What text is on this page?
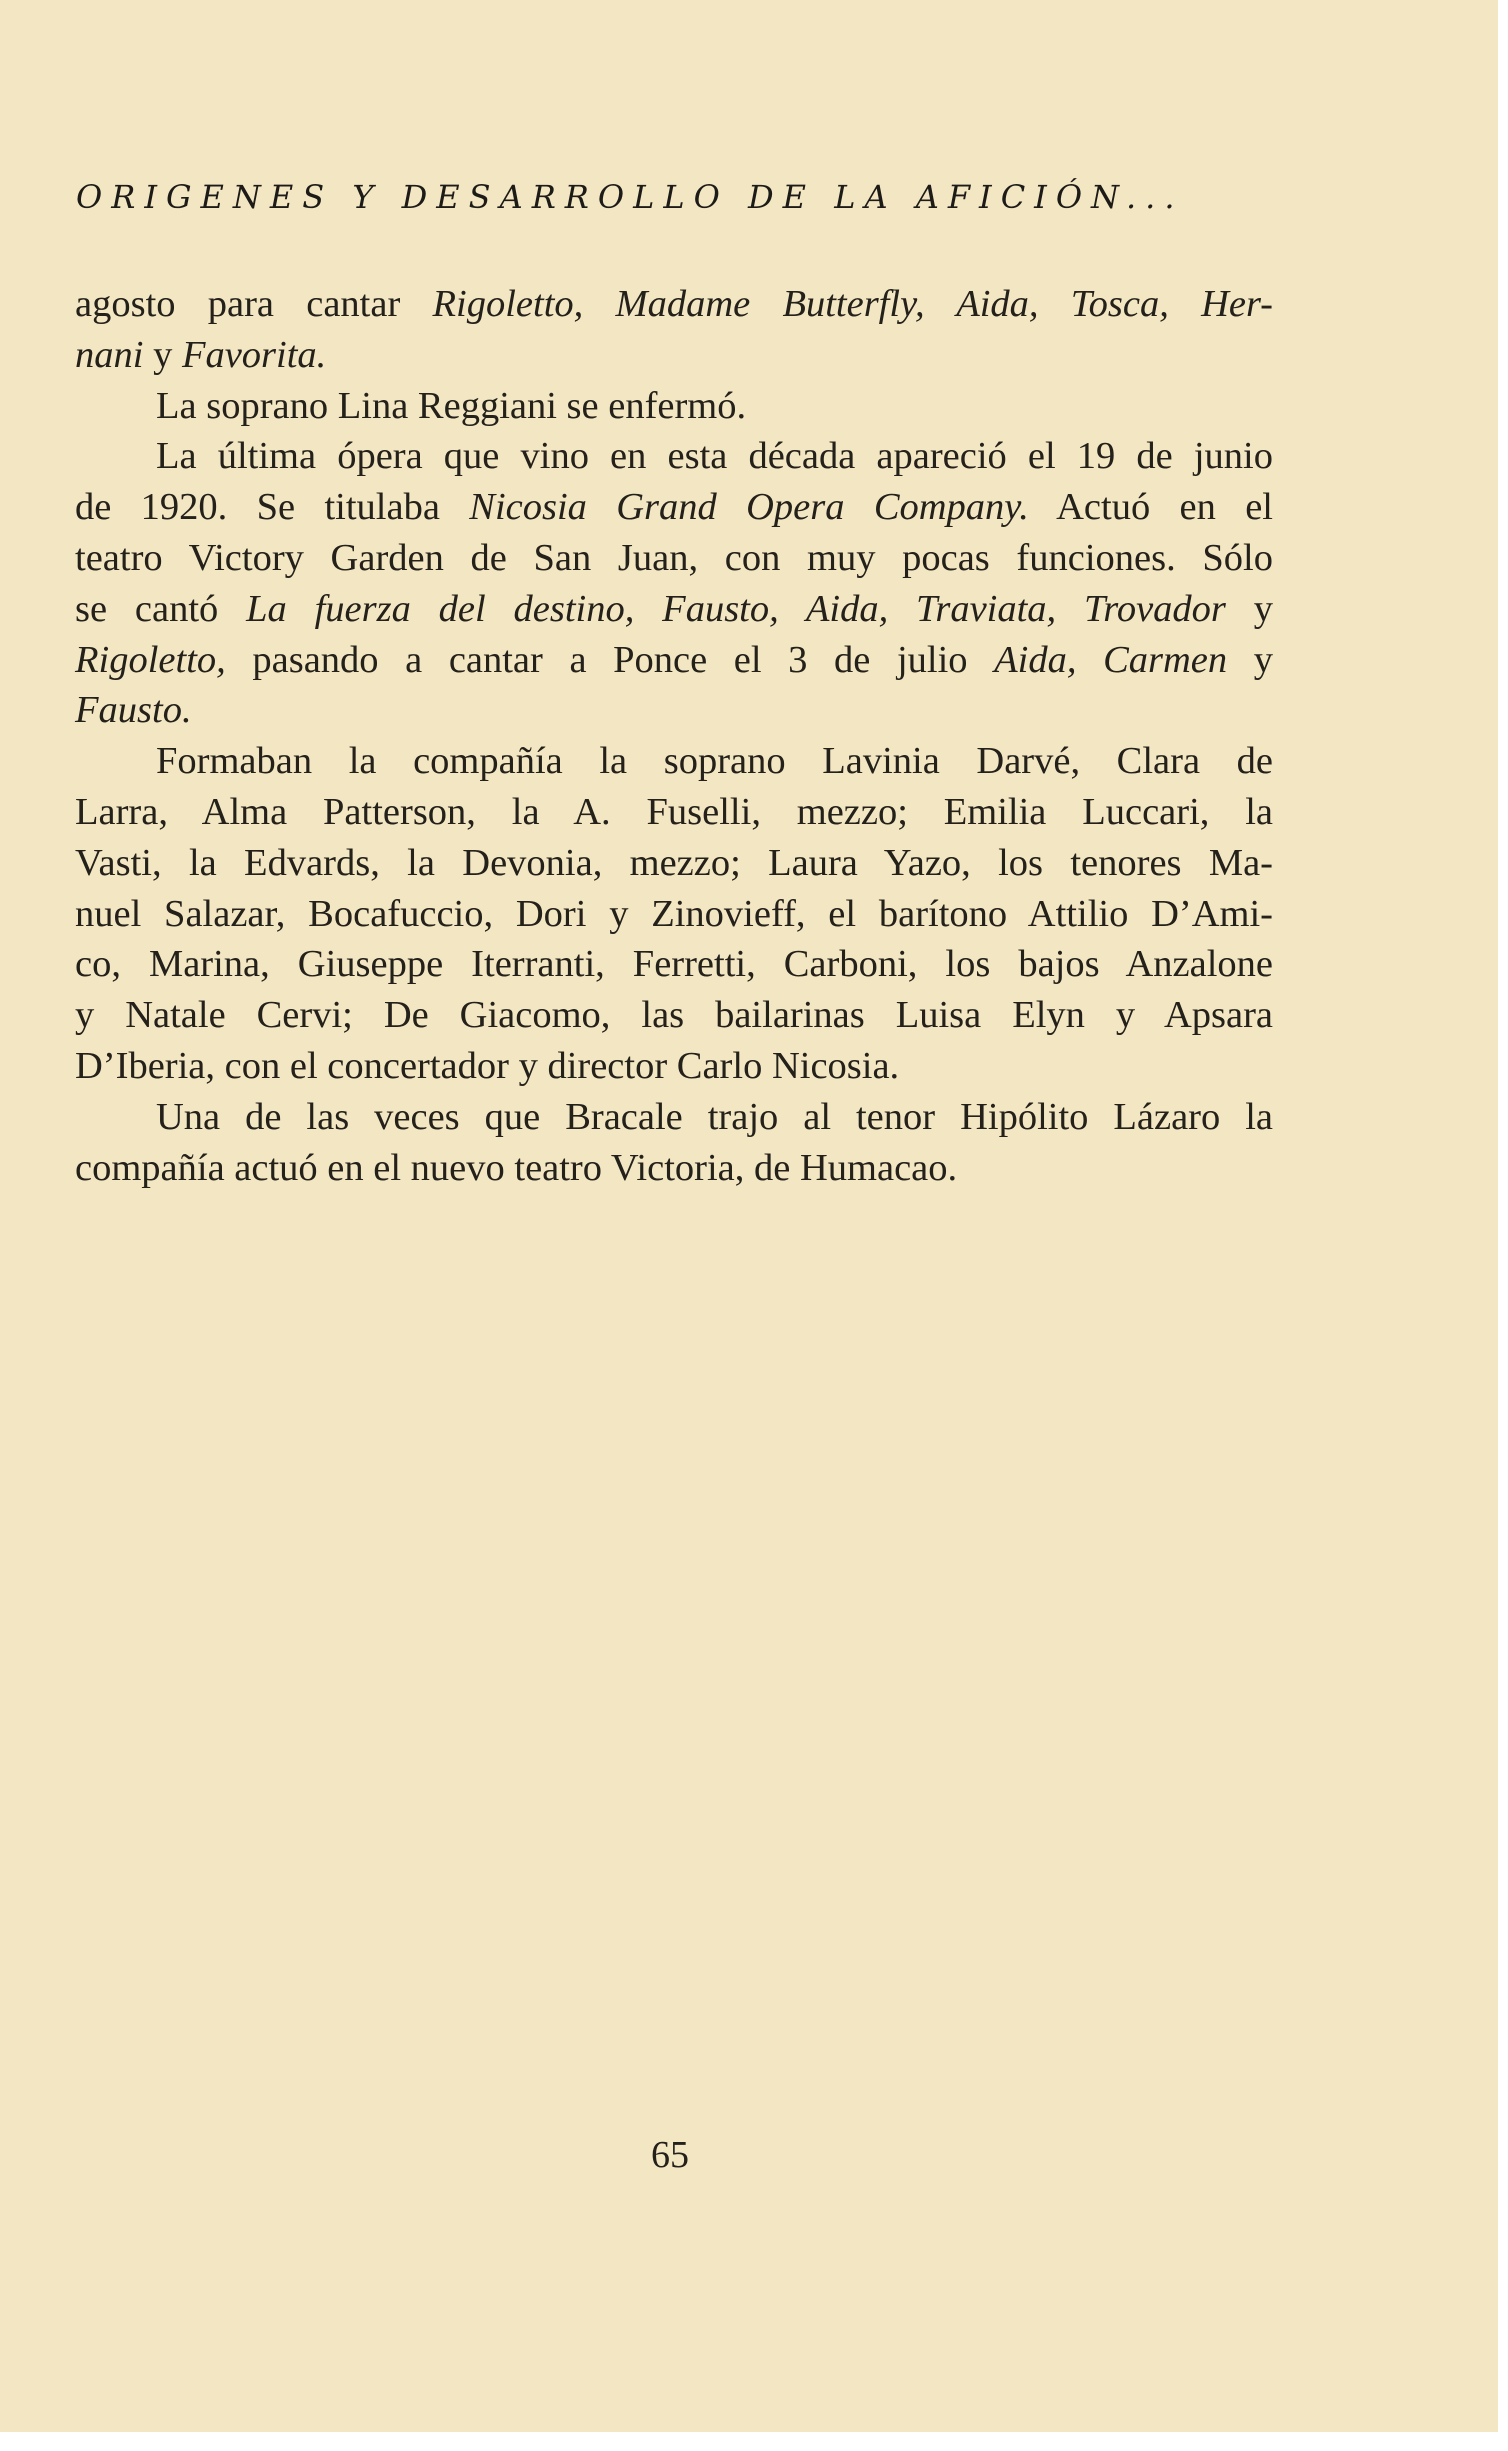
ORIGENES Y DESARROLLO DE LA AFICIÓN...
agosto para cantar Rigoletto, Madame Butterfly, Aida, Tosca, Her-
nani y Favorita.
La soprano Lina Reggiani se enfermó.
La última ópera que vino en esta década apareció el 19 de junio
de 1920. Se titulaba Nicosia Grand Opera Company. Actuó en el
teatro Victory Garden de San Juan, con muy pocas funciones. Sólo
se cantó La fuerza del destino, Fausto, Aida, Traviata, Trovador y
Rigoletto, pasando a cantar a Ponce el 3 de julio Aida, Carmen y
Fausto.
Formaban la compañía la soprano Lavinia Darvé, Clara de
Larra, Alma Patterson, la A. Fuselli, mezzo; Emilia Luccari, la
Vasti, la Edvards, la Devonia, mezzo; Laura Yazo, los tenores Ma-
nuel Salazar, Bocafuccio, Dori y Zinovieff, el barítono Attilio D’Ami-
co, Marina, Giuseppe Iterranti, Ferretti, Carboni, los bajos Anzalone
y Natale Cervi; De Giacomo, las bailarinas Luisa Elyn y Apsara
D’Iberia, con el concertador y director Carlo Nicosia.
Una de las veces que Bracale trajo al tenor Hipólito Lázaro la
compañía actuó en el nuevo teatro Victoria, de Humacao.
65
